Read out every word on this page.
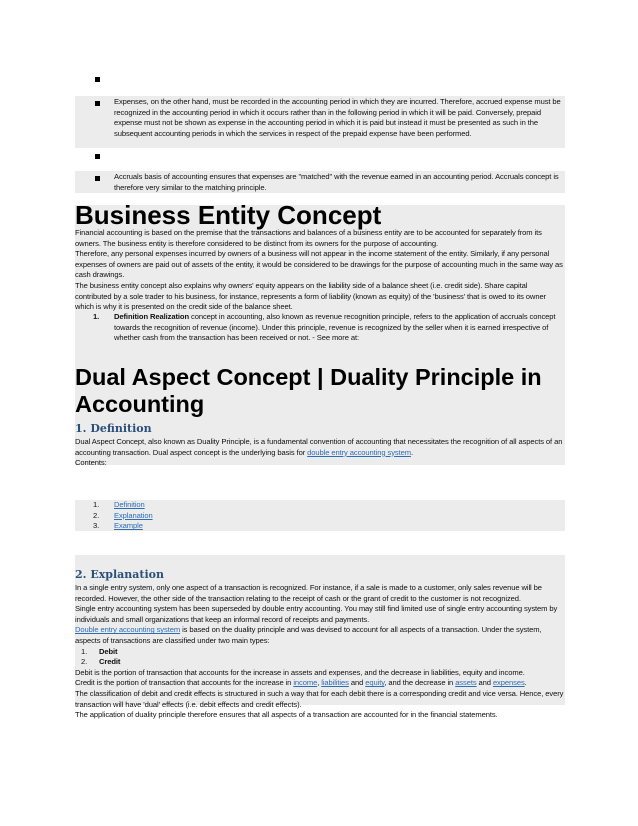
Expenses, on the other hand, must be recorded in the accounting period in which they are incurred. Therefore, accrued expense must be recognized in the accounting period in which it occurs rather than in the following period in which it will be paid. Conversely, prepaid expense must not be shown as expense in the accounting period in which it is paid but instead it must be presented as such in the subsequent accounting periods in which the services in respect of the prepaid expense have been performed.
Accruals basis of accounting ensures that expenses are "matched" with the revenue earned in an accounting period. Accruals concept is therefore very similar to the matching principle.
Business Entity Concept
Financial accounting is based on the premise that the transactions and balances of a business entity are to be accounted for separately from its owners. The business entity is therefore considered to be distinct from its owners for the purpose of accounting.
Therefore, any personal expenses incurred by owners of a business will not appear in the income statement of the entity. Similarly, if any personal expenses of owners are paid out of assets of the entity, it would be considered to be drawings for the purpose of accounting much in the same way as cash drawings.
The business entity concept also explains why owners' equity appears on the liability side of a balance sheet (i.e. credit side). Share capital contributed by a sole trader to his business, for instance, represents a form of liability (known as equity) of the 'business' that is owed to its owner which is why it is presented on the credit side of the balance sheet.
1. Definition Realization concept in accounting, also known as revenue recognition principle, refers to the application of accruals concept towards the recognition of revenue (income). Under this principle, revenue is recognized by the seller when it is earned irrespective of whether cash from the transaction has been received or not. - See more at:
Dual Aspect Concept | Duality Principle in Accounting
1. Definition
Dual Aspect Concept, also known as Duality Principle, is a fundamental convention of accounting that necessitates the recognition of all aspects of an accounting transaction. Dual aspect concept is the underlying basis for double entry accounting system.
Contents:
1. Definition
2. Explanation
3. Example
2. Explanation
In a single entry system, only one aspect of a transaction is recognized. For instance, if a sale is made to a customer, only sales revenue will be recorded. However, the other side of the transaction relating to the receipt of cash or the grant of credit to the customer is not recognized.
Single entry accounting system has been superseded by double entry accounting. You may still find limited use of single entry accounting system by individuals and small organizations that keep an informal record of receipts and payments.
Double entry accounting system is based on the duality principle and was devised to account for all aspects of a transaction. Under the system, aspects of transactions are classified under two main types:
1. Debit
2. Credit
Debit is the portion of transaction that accounts for the increase in assets and expenses, and the decrease in liabilities, equity and income.
Credit is the portion of transaction that accounts for the increase in income, liabilities and equity, and the decrease in assets and expenses.
The classification of debit and credit effects is structured in such a way that for each debit there is a corresponding credit and vice versa. Hence, every transaction will have 'dual' effects (i.e. debit effects and credit effects).
The application of duality principle therefore ensures that all aspects of a transaction are accounted for in the financial statements.
